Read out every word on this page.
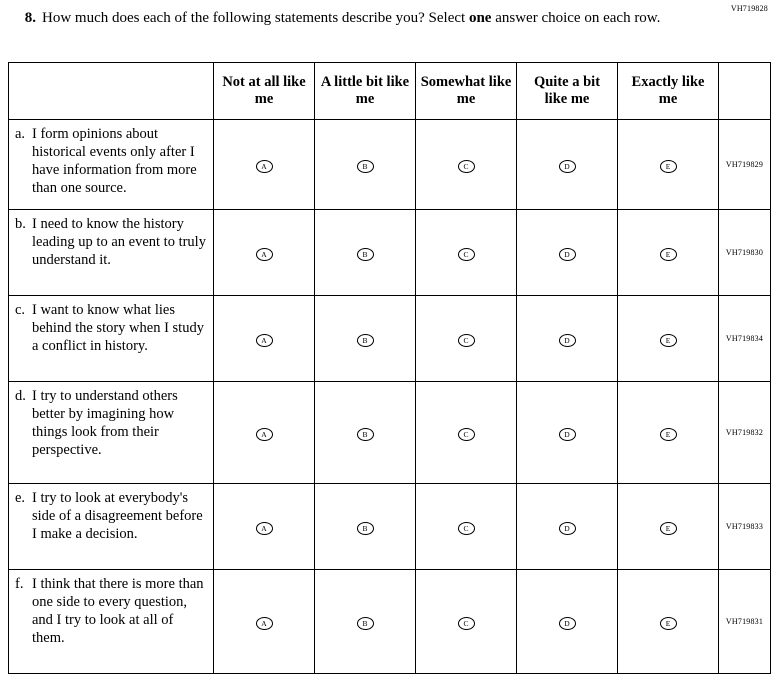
VH719828
8. How much does each of the following statements describe you? Select one answer choice on each row.
	Not at all like me	A little bit like me	Somewhat like me	Quite a bit like me	Exactly like me	

a. I form opinions about historical events only after I have information from more than one source.	A	B	C	D	E	VH719829

b. I need to know the history leading up to an event to truly understand it.	A	B	C	D	E	VH719830

c. I want to know what lies behind the story when I study a conflict in history.	A	B	C	D	E	VH719834

d. I try to understand others better by imagining how things look from their perspective.	A	B	C	D	E	VH719832

e. I try to look at everybody's side of a disagreement before I make a decision.	A	B	C	D	E	VH719833

f. I think that there is more than one side to every question, and I try to look at all of them.	A	B	C	D	E	VH719831
